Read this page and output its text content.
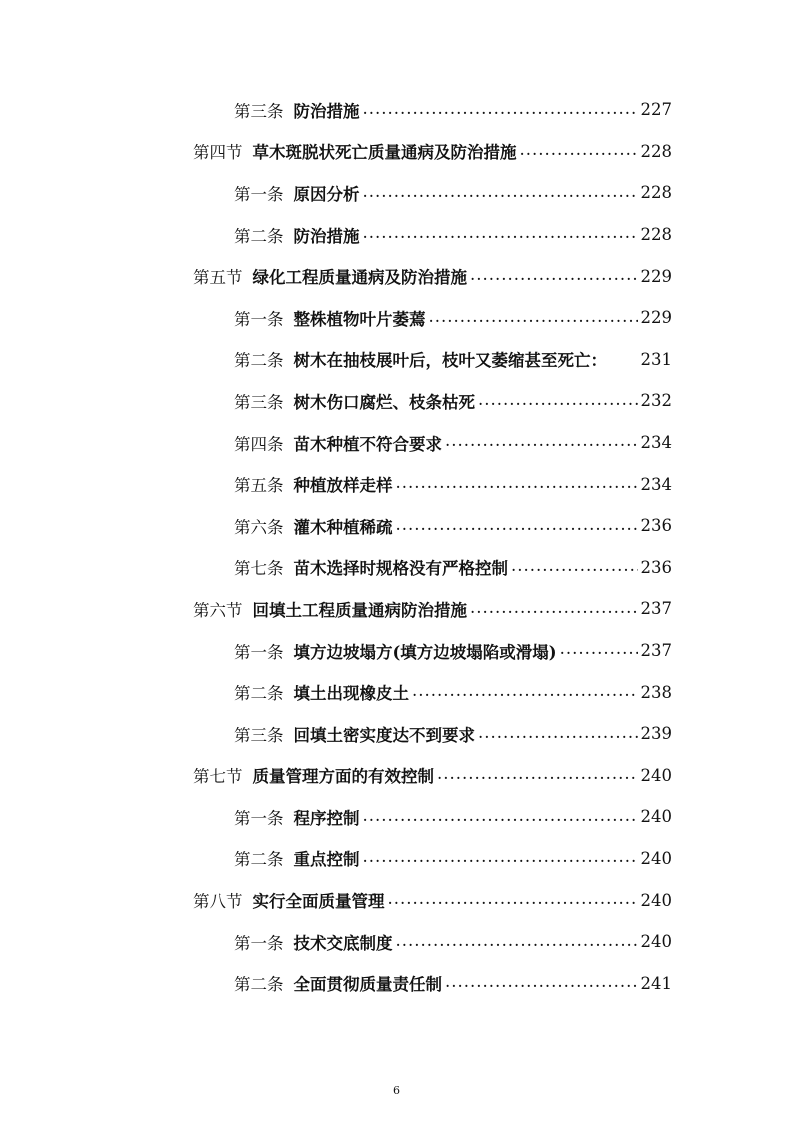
第三条 防治措施 .....	227
第四节 草木斑脱状死亡质量通病及防治措施 .....	228
第一条 原因分析 .....	228
第二条 防治措施 .....	228
第五节 绿化工程质量通病及防治措施 .....	229
第一条 整株植物叶片萎蔫 .....	229
第二条 树木在抽枝展叶后，枝叶又萎缩甚至死亡： 231
第三条 树木伤口腐烂、枝条枯死 .....	232
第四条 苗木种植不符合要求 .....	234
第五条 种植放样走样 .....	234
第六条 灌木种植稀疏 .....	236
第七条 苗木选择时规格没有严格控制 .....	236
第六节 回填土工程质量通病防治措施 .....	237
第一条 填方边坡塌方(填方边坡塌陷或滑塌) .....	237
第二条 填土出现橡皮土 .....	238
第三条 回填土密实度达不到要求 .....	239
第七节 质量管理方面的有效控制 .....	240
第一条 程序控制 .....	240
第二条 重点控制 .....	240
第八节 实行全面质量管理 .....	240
第一条 技术交底制度 .....	240
第二条 全面贯彻质量责任制 .....	241
6
